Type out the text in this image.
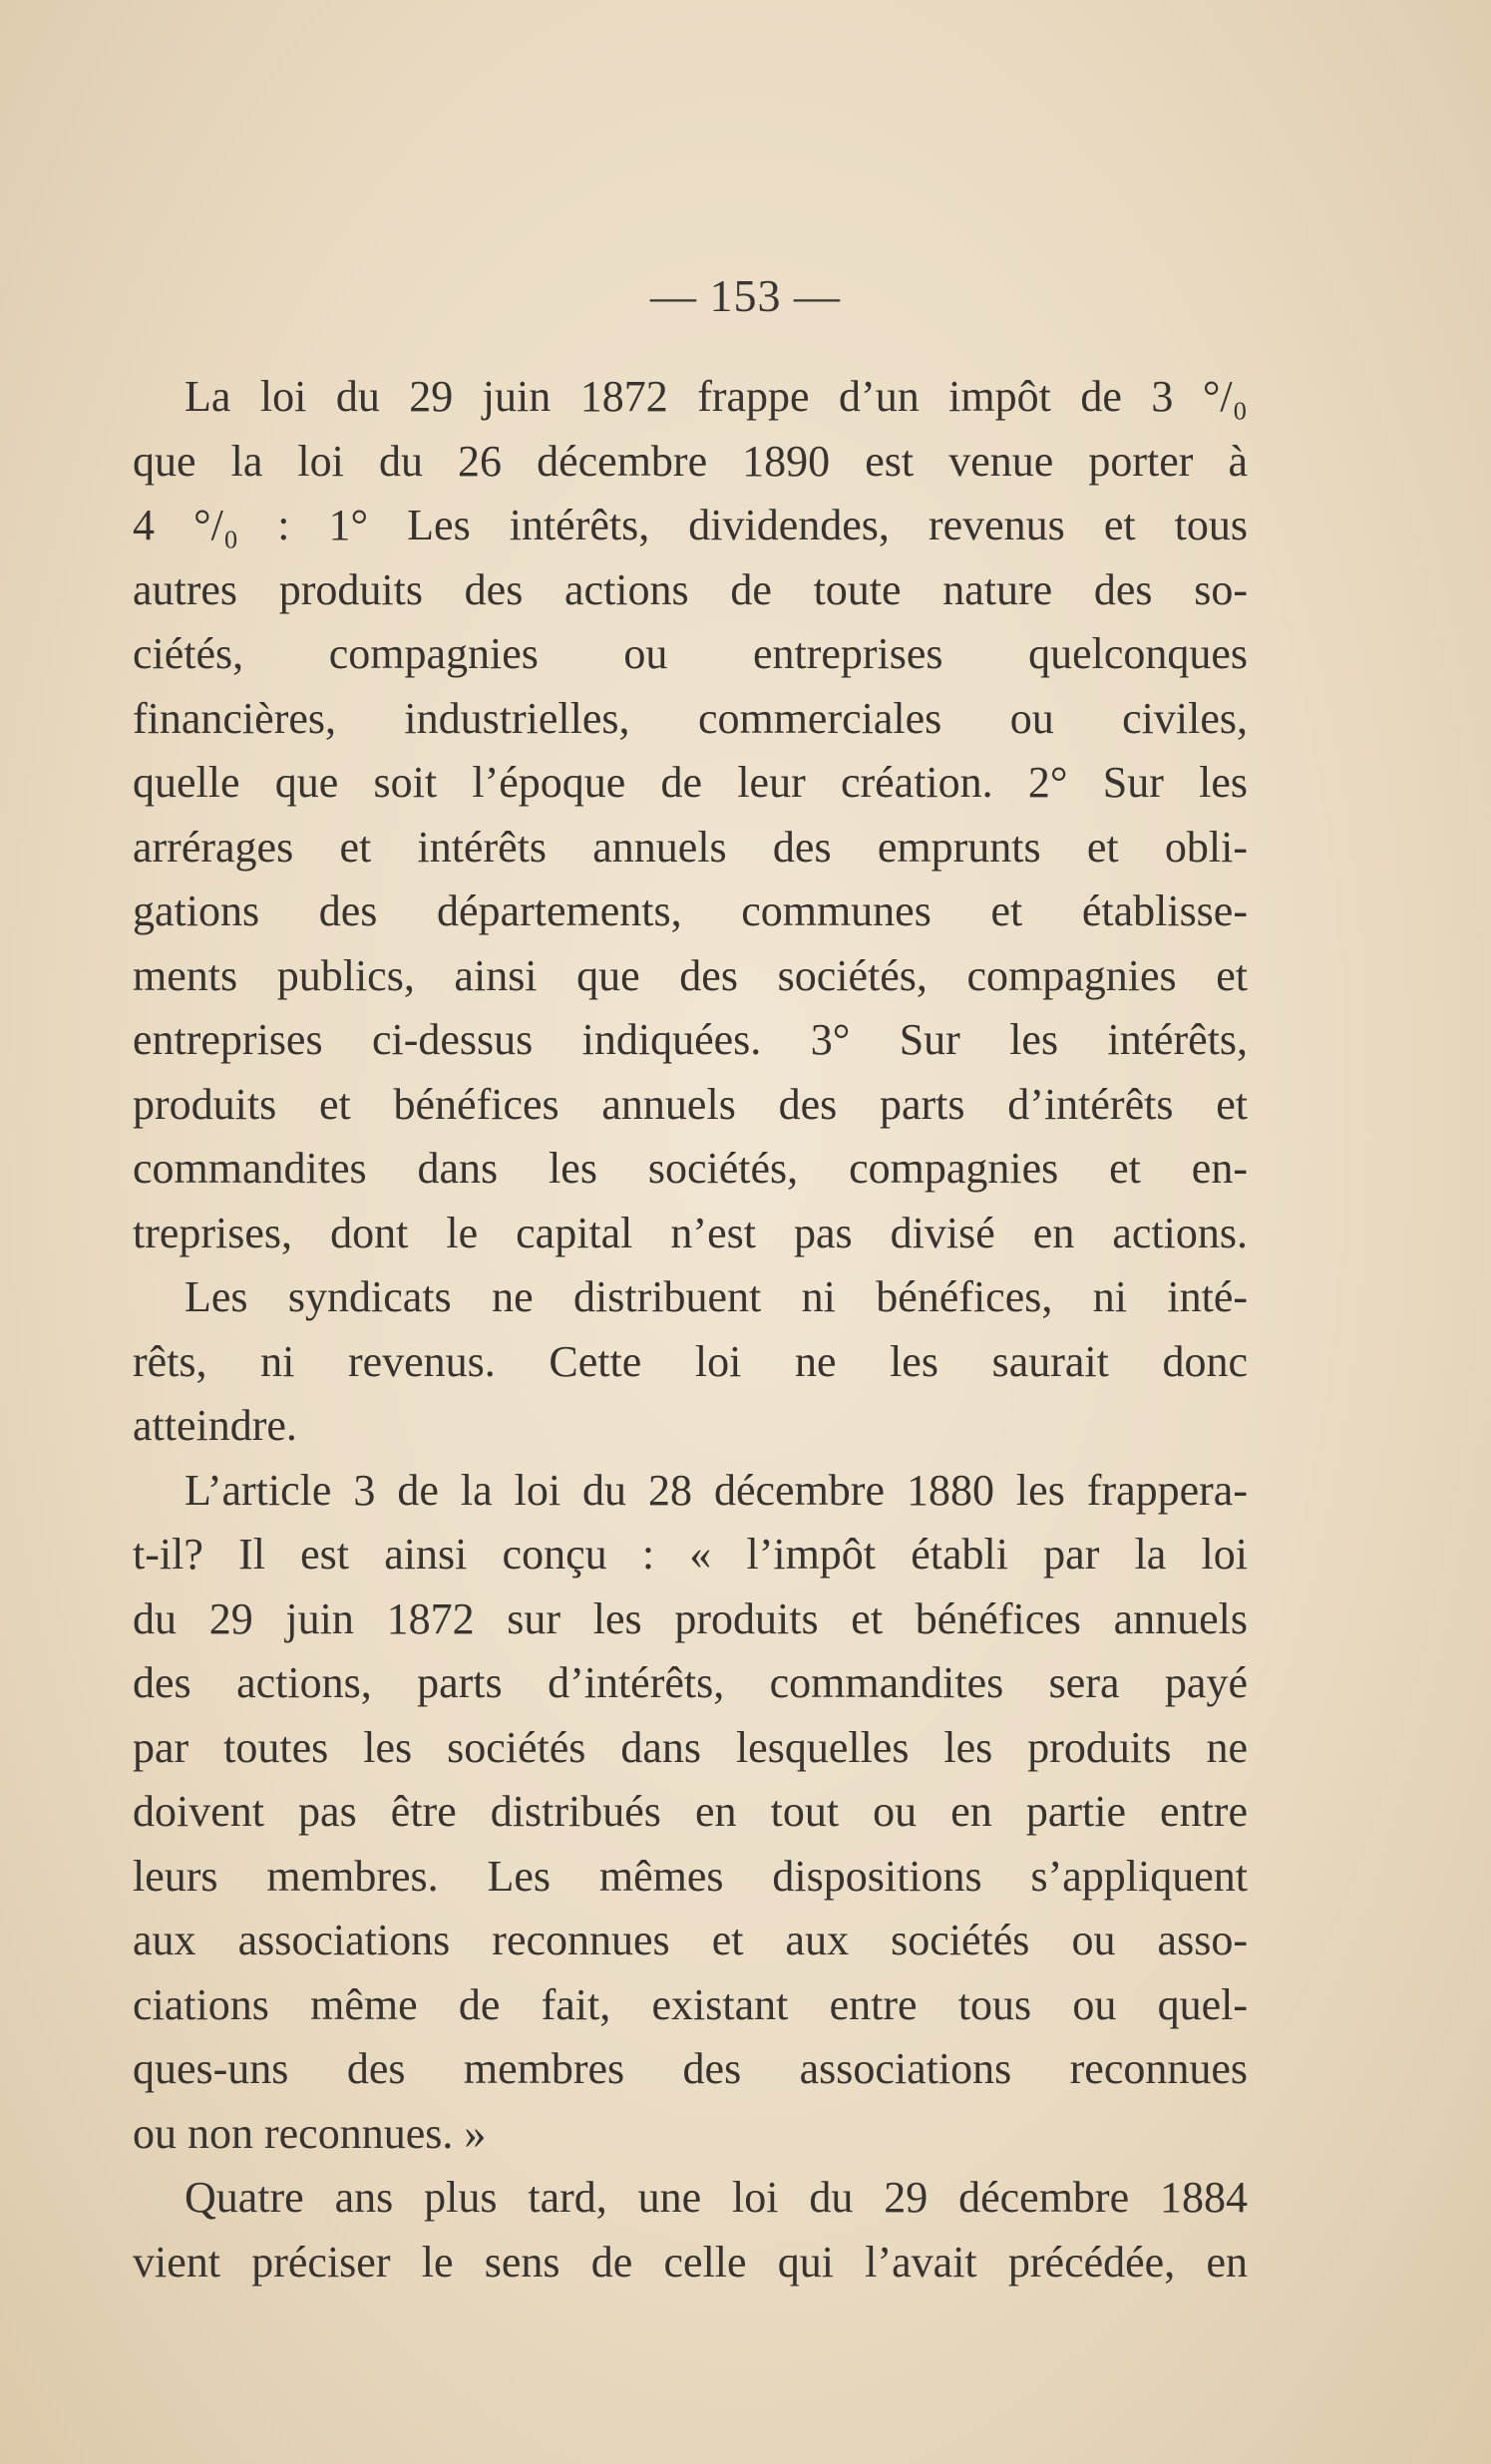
— 153 —
La loi du 29 juin 1872 frappe d’un impôt de 3 °/₀
que la loi du 26 décembre 1890 est venue porter à
4 °/₀ : 1° Les intérêts, dividendes, revenus et tous
autres produits des actions de toute nature des so-
ciétés, compagnies ou entreprises quelconques
financières, industrielles, commerciales ou civiles,
quelle que soit l’époque de leur création. 2° Sur les
arrérages et intérêts annuels des emprunts et obli-
gations des départements, communes et établisse-
ments publics, ainsi que des sociétés, compagnies et
entreprises ci-dessus indiquées. 3° Sur les intérêts,
produits et bénéfices annuels des parts d’intérêts et
commandites dans les sociétés, compagnies et en-
treprises, dont le capital n’est pas divisé en actions.
Les syndicats ne distribuent ni bénéfices, ni inté-
rêts, ni revenus. Cette loi ne les saurait donc
atteindre.
L’article 3 de la loi du 28 décembre 1880 les frappera-
t-il? Il est ainsi conçu : « l’impôt établi par la loi
du 29 juin 1872 sur les produits et bénéfices annuels
des actions, parts d’intérêts, commandites sera payé
par toutes les sociétés dans lesquelles les produits ne
doivent pas être distribués en tout ou en partie entre
leurs membres. Les mêmes dispositions s’appliquent
aux associations reconnues et aux sociétés ou asso-
ciations même de fait, existant entre tous ou quel-
ques-uns des membres des associations reconnues
ou non reconnues. »
Quatre ans plus tard, une loi du 29 décembre 1884
vient préciser le sens de celle qui l’avait précédée, en
